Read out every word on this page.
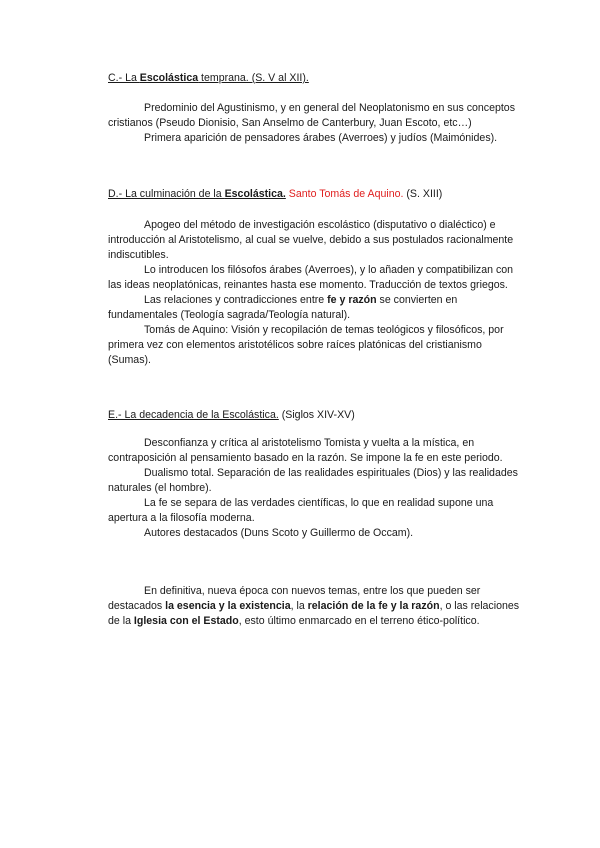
C.- La Escolástica temprana. (S. V al XII).

Predominio del Agustinismo, y en general del Neoplatonismo en sus conceptos cristianos (Pseudo Dionisio, San Anselmo de Canterbury, Juan Escoto, etc…)

Primera aparición de pensadores árabes (Averroes) y judíos (Maimónides).

D.- La culminación de la Escolástica. Santo Tomás de Aquino. (S. XIII)

Apogeo del método de investigación escolástico (disputativo o dialéctico) e introducción al Aristotelismo, al cual se vuelve, debido a sus postulados racionalmente indiscutibles.

Lo introducen los filósofos árabes (Averroes), y lo añaden y compatibilizan con las ideas neoplatónicas, reinantes hasta ese momento. Traducción de textos griegos.

Las relaciones y contradicciones entre fe y razón se convierten en fundamentales (Teología sagrada/Teología natural).

Tomás de Aquino: Visión y recopilación de temas teológicos y filosóficos, por primera vez con elementos aristotélicos sobre raíces platónicas del cristianismo (Sumas).

E.- La decadencia de la Escolástica. (Siglos XIV-XV)

Desconfianza y crítica al aristotelismo Tomista y vuelta a la mística, en contraposición al pensamiento basado en la razón. Se impone la fe en este periodo.

Dualismo total. Separación de las realidades espirituales (Dios) y las realidades naturales (el hombre).

La fe se separa de las verdades científicas, lo que en realidad supone una apertura a la filosofía moderna.

Autores destacados (Duns Scoto y Guillermo de Occam).

En definitiva, nueva época con nuevos temas, entre los que pueden ser destacados la esencia y la existencia, la relación de la fe y la razón, o las relaciones de la Iglesia con el Estado, esto último enmarcado en el terreno ético-político.
